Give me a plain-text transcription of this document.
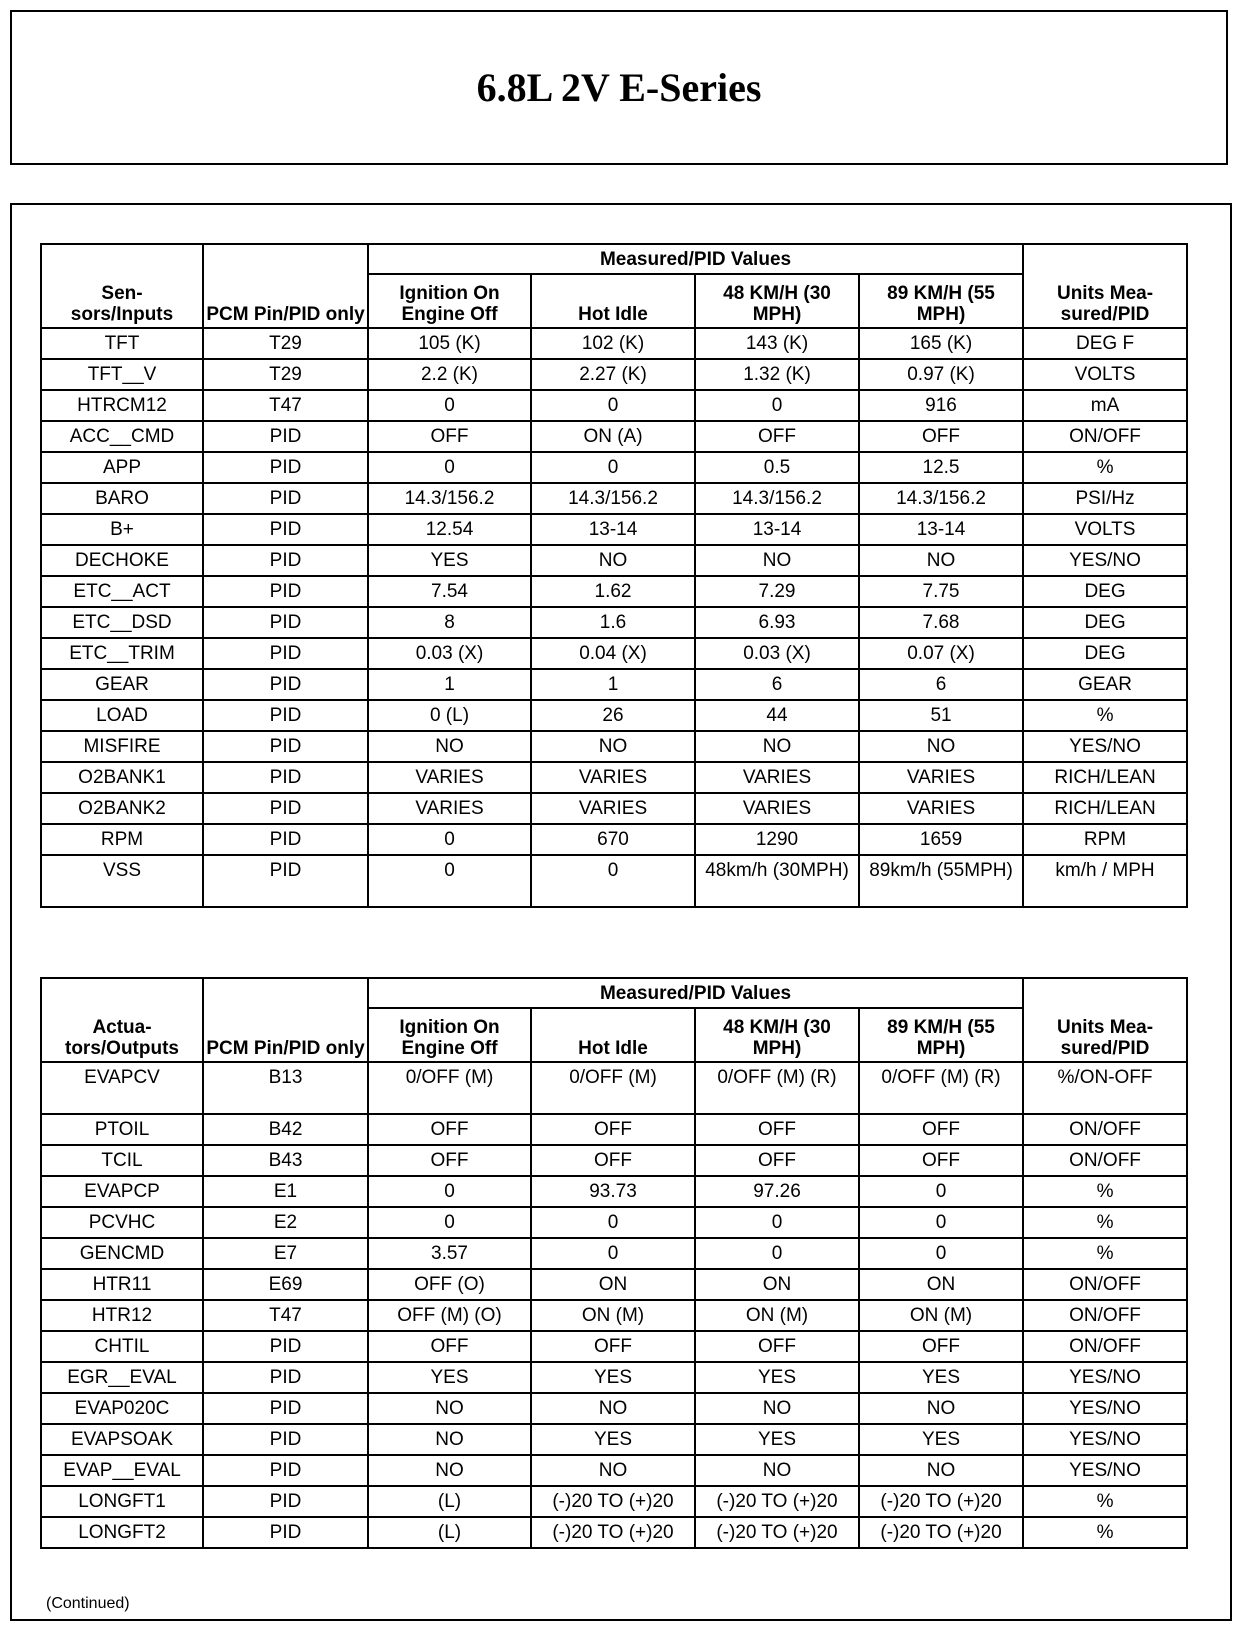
6.8L 2V E-Series
Sen-
sors/Inputs	PCM Pin/PID only	Measured/PID Values				Units Mea-sured/PID
		Ignition On Engine Off	Hot Idle	48 KM/H (30 MPH)	89 KM/H (55 MPH)	
TFT	T29	105 (K)	102 (K)	143 (K)	165 (K)	DEG F
TFT__V	T29	2.2 (K)	2.27 (K)	1.32 (K)	0.97 (K)	VOLTS
HTRCM12	T47	0	0	0	916	mA
ACC__CMD	PID	OFF	ON (A)	OFF	OFF	ON/OFF
APP	PID	0	0	0.5	12.5	%
BARO	PID	14.3/156.2	14.3/156.2	14.3/156.2	14.3/156.2	PSI/Hz
B+	PID	12.54	13-14	13-14	13-14	VOLTS
DECHOKE	PID	YES	NO	NO	NO	YES/NO
ETC__ACT	PID	7.54	1.62	7.29	7.75	DEG
ETC__DSD	PID	8	1.6	6.93	7.68	DEG
ETC__TRIM	PID	0.03 (X)	0.04 (X)	0.03 (X)	0.07 (X)	DEG
GEAR	PID	1	1	6	6	GEAR
LOAD	PID	0 (L)	26	44	51	%
MISFIRE	PID	NO	NO	NO	NO	YES/NO
O2BANK1	PID	VARIES	VARIES	VARIES	VARIES	RICH/LEAN
O2BANK2	PID	VARIES	VARIES	VARIES	VARIES	RICH/LEAN
RPM	PID	0	670	1290	1659	RPM
VSS	PID	0	0	48km/h (30MPH)	89km/h (55MPH)	km/h / MPH
Actua-
tors/Outputs	PCM Pin/PID only	Measured/PID Values				Units Mea-sured/PID
		Ignition On Engine Off	Hot Idle	48 KM/H (30 MPH)	89 KM/H (55 MPH)	
EVAPCV	B13	0/OFF (M)	0/OFF (M)	0/OFF (M) (R)	0/OFF (M) (R)	%/ON-OFF
PTOIL	B42	OFF	OFF	OFF	OFF	ON/OFF
TCIL	B43	OFF	OFF	OFF	OFF	ON/OFF
EVAPCP	E1	0	93.73	97.26	0	%
PCVHC	E2	0	0	0	0	%
GENCMD	E7	3.57	0	0	0	%
HTR11	E69	OFF (O)	ON	ON	ON	ON/OFF
HTR12	T47	OFF (M) (O)	ON (M)	ON (M)	ON (M)	ON/OFF
CHTIL	PID	OFF	OFF	OFF	OFF	ON/OFF
EGR__EVAL	PID	YES	YES	YES	YES	YES/NO
EVAP020C	PID	NO	NO	NO	NO	YES/NO
EVAPSOAK	PID	NO	YES	YES	YES	YES/NO
EVAP__EVAL	PID	NO	NO	NO	NO	YES/NO
LONGFT1	PID	(L)	(-)20 TO (+)20	(-)20 TO (+)20	(-)20 TO (+)20	%
LONGFT2	PID	(L)	(-)20 TO (+)20	(-)20 TO (+)20	(-)20 TO (+)20	%
(Continued)
